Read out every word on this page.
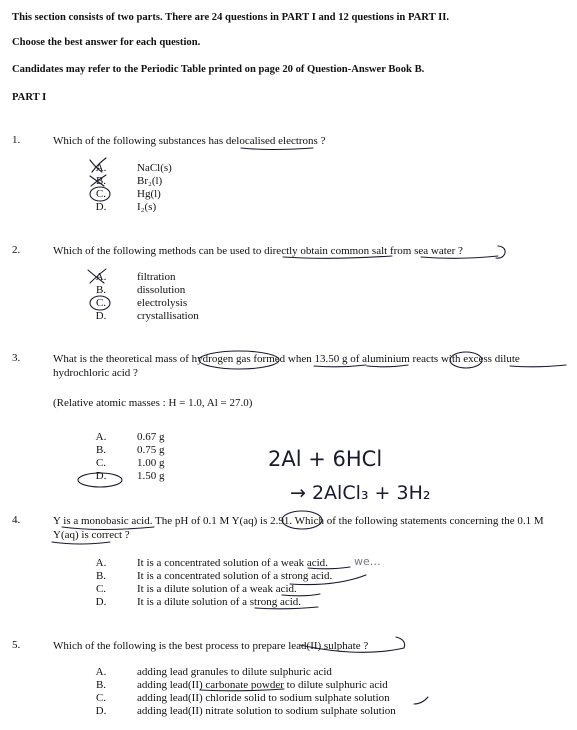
This section consists of two parts. There are 24 questions in PART I and 12 questions in PART II.
Choose the best answer for each question.
Candidates may refer to the Periodic Table printed on page 20 of Question-Answer Book B.
PART I
1.	Which of the following substances has delocalised electrons ?
A.	NaCl(s)
B.	Br₂(l)
C.	Hg(l)
D.	I₂(s)
2.	Which of the following methods can be used to directly obtain common salt from sea water ?
A.	filtration
B.	dissolution
C.	electrolysis
D.	crystallisation
3.	What is the theoretical mass of hydrogen gas formed when 13.50 g of aluminium reacts with excess dilute hydrochloric acid ?
(Relative atomic masses : H = 1.0, Al = 27.0)
A.	0.67 g
B.	0.75 g
C.	1.00 g
D.	1.50 g
4.	Y is a monobasic acid. The pH of 0.1 M Y(aq) is 2.91. Which of the following statements concerning the 0.1 M Y(aq) is correct ?
A.	It is a concentrated solution of a weak acid.
B.	It is a concentrated solution of a strong acid.
C.	It is a dilute solution of a weak acid.
D.	It is a dilute solution of a strong acid.
5.	Which of the following is the best process to prepare lead(II) sulphate ?
A.	adding lead granules to dilute sulphuric acid
B.	adding lead(II) carbonate powder to dilute sulphuric acid
C.	adding lead(II) chloride solid to sodium sulphate solution
D.	adding lead(II) nitrate solution to sodium sulphate solution
2Al + 6HCl
→ 2AlCl₃ + 3H₂
we…
